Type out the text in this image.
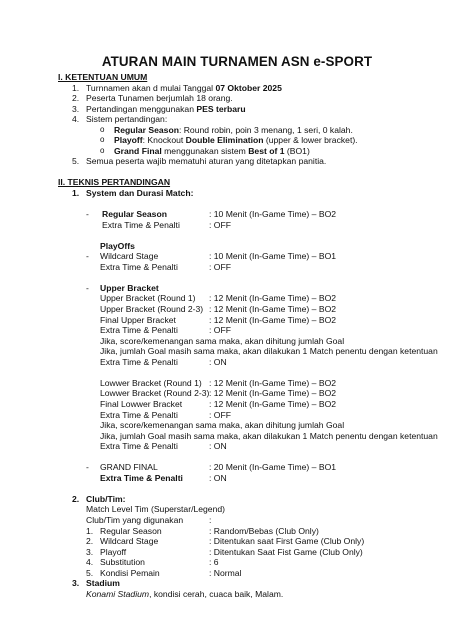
ATURAN MAIN TURNAMEN ASN e-SPORT
I. KETENTUAN UMUM
1. Turnnamen akan d mulai Tanggal 07 Oktober 2025
2. Peserta Tunamen berjumlah 18 orang.
3. Pertandingan menggunakan PES terbaru
4. Sistem pertandingan:
o Regular Season: Round robin, poin 3 menang, 1 seri, 0 kalah.
o Playoff: Knockout Double Elimination (upper & lower bracket).
o Grand Final menggunakan sistem Best of 1 (BO1)
5. Semua peserta wajib mematuhi aturan yang ditetapkan panitia.
II. TEKNIS PERTANDINGAN
1. System dan Durasi Match:
- Regular Season	: 10 Menit (In-Game Time) – BO2
Extra Time & Penalti	: OFF
PlayOffs
- Wildcard Stage	: 10 Menit (In-Game Time) – BO1
Extra Time & Penalti	: OFF
- Upper Bracket
Upper Bracket (Round 1) : 12 Menit (In-Game Time) – BO2
Upper Bracket (Round 2-3) : 12 Menit (In-Game Time) – BO2
Final Upper Bracket	: 12 Menit (In-Game Time) – BO2
Extra Time & Penalti	: OFF
Jika, score/kemenangan sama maka, akan dihitung jumlah Goal
Jika, jumlah Goal masih sama maka, akan dilakukan 1 Match penentu dengan ketentuan
Extra Time & Penalti	: ON
Lowwer Bracket (Round 1) : 12 Menit (In-Game Time) – BO2
Lowwer Bracket (Round 2-3) : 12 Menit (In-Game Time) – BO2
Final Lowwer Bracket	: 12 Menit (In-Game Time) – BO2
Extra Time & Penalti	: OFF
Jika, score/kemenangan sama maka, akan dihitung jumlah Goal
Jika, jumlah Goal masih sama maka, akan dilakukan 1 Match penentu dengan ketentuan
Extra Time & Penalti	: ON
- GRAND FINAL	: 20 Menit (In-Game Time) – BO1
Extra Time & Penalti	: ON
2. Club/Tim:
Match Level Tim (Superstar/Legend)
Club/Tim yang digunakan	:
1. Regular Season	: Random/Bebas (Club Only)
2. Wildcard Stage	: Ditentukan saat First Game (Club Only)
3. Playoff	: Ditentukan Saat Fist Game (Club Only)
4. Substitution	: 6
5. Kondisi Pemain	: Normal
3. Stadium
Konami Stadium, kondisi cerah, cuaca baik, Malam.
